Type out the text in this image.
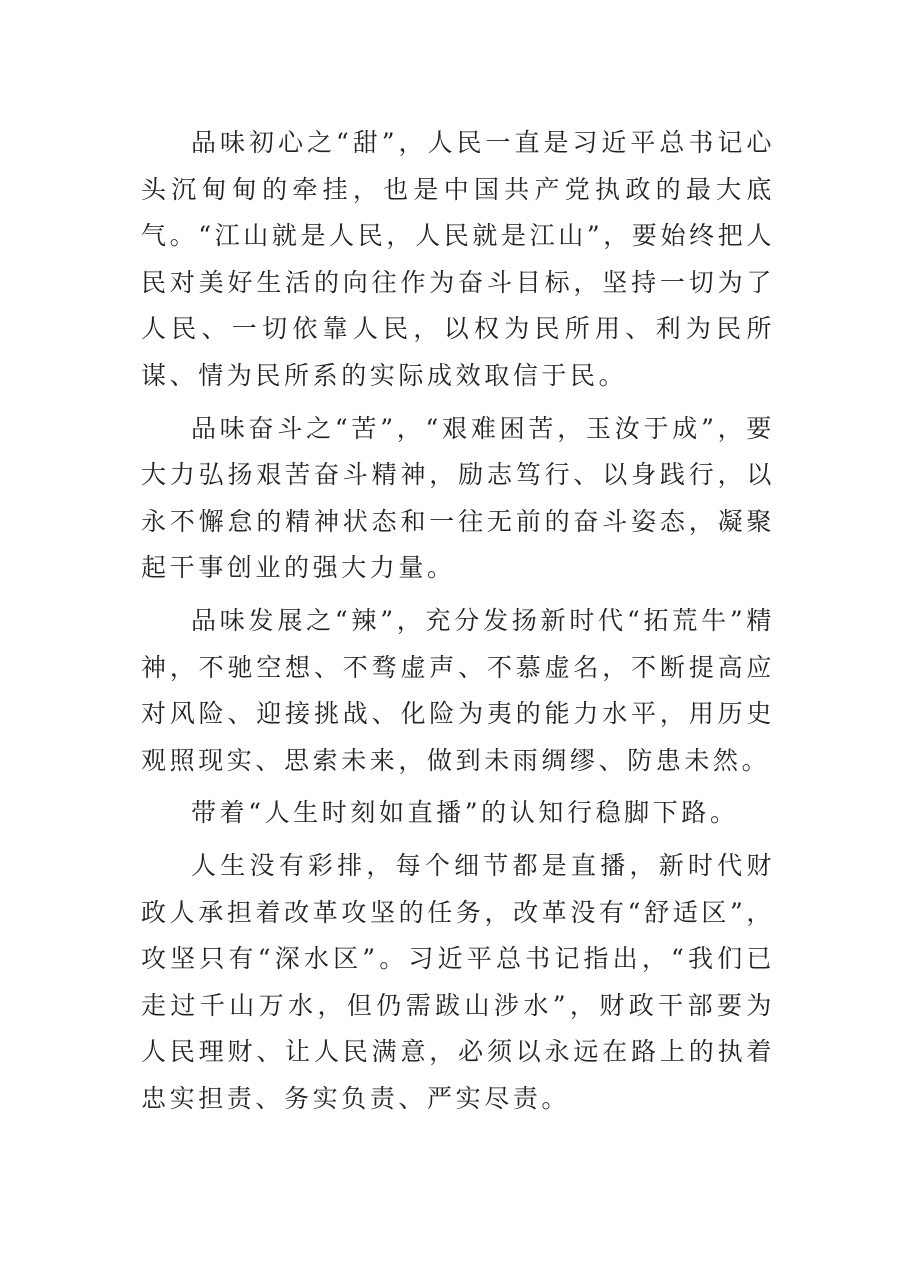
品味初心之“甜”，人民一直是习近平总书记心头沉甸甸的牵挂，也是中国共产党执政的最大底气。“江山就是人民，人民就是江山”，要始终把人民对美好生活的向往作为奋斗目标，坚持一切为了人民、一切依靠人民，以权为民所用、利为民所谋、情为民所系的实际成效取信于民。

品味奋斗之“苦”，“艰难困苦，玉汝于成”，要大力弘扬艰苦奋斗精神，励志笃行、以身践行，以永不懈怠的精神状态和一往无前的奋斗姿态，凝聚起干事创业的强大力量。

品味发展之“辣”，充分发扬新时代“拓荒牛”精神，不驰空想、不骛虚声、不慕虚名，不断提高应对风险、迎接挑战、化险为夷的能力水平，用历史观照现实、思索未来，做到未雨绸缪、防患未然。

带着“人生时刻如直播”的认知行稳脚下路。

人生没有彩排，每个细节都是直播，新时代财政人承担着改革攻坚的任务，改革没有“舒适区”，攻坚只有“深水区”。习近平总书记指出，“我们已走过千山万水，但仍需跋山涉水”，财政干部要为人民理财、让人民满意，必须以永远在路上的执着忠实担责、务实负责、严实尽责。
